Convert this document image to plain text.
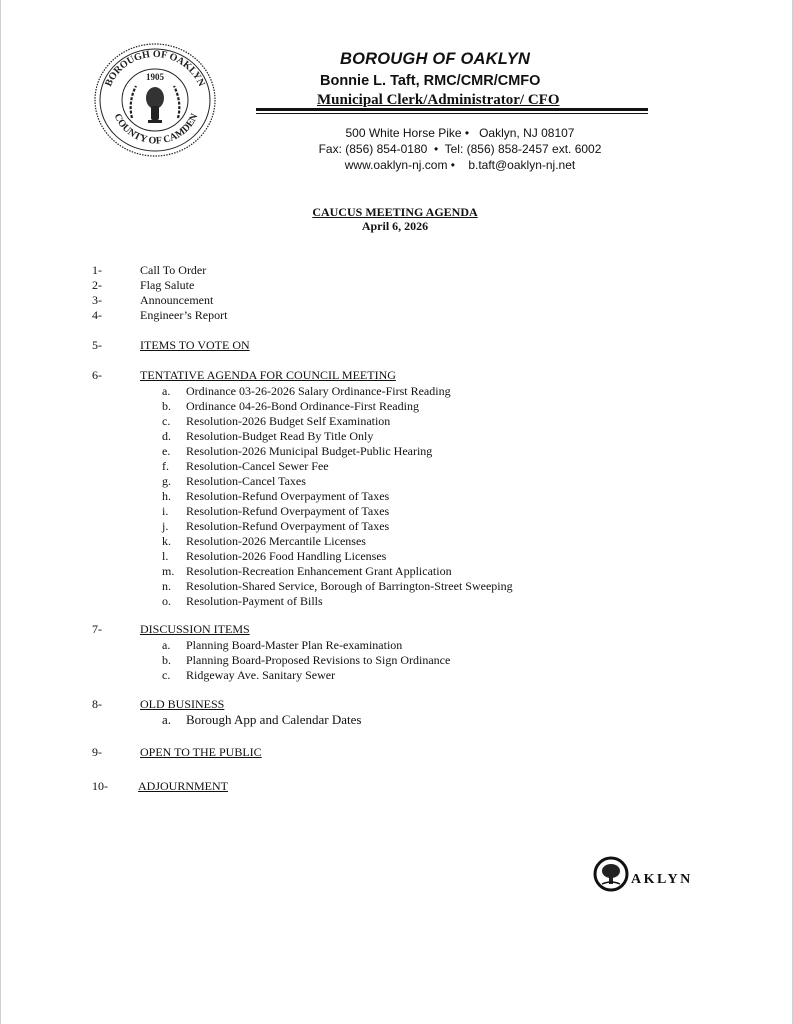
BOROUGH OF OAKLYN
COUNTY OF CAMDEN
1905
BOROUGH OF OAKLYN
Bonnie L. Taft, RMC/CMR/CMFO
Municipal Clerk/Administrator/ CFO
500 White Horse Pike •   Oaklyn, NJ 08107
Fax: (856) 854-0180  •  Tel: (856) 858-2457 ext. 6002
www.oaklyn-nj.com •    b.taft@oaklyn-nj.net
CAUCUS MEETING AGENDA
April 6, 2026
1-	Call To Order
2-	Flag Salute
3-	Announcement
4-	Engineer’s Report
5-	ITEMS TO VOTE ON
6-	TENTATIVE AGENDA FOR COUNCIL MEETING
a. Ordinance 03-26-2026 Salary Ordinance-First Reading
b. Ordinance 04-26-Bond Ordinance-First Reading
c. Resolution-2026 Budget Self Examination
d. Resolution-Budget Read By Title Only
e. Resolution-2026 Municipal Budget-Public Hearing
f. Resolution-Cancel Sewer Fee
g. Resolution-Cancel Taxes
h. Resolution-Refund Overpayment of Taxes
i. Resolution-Refund Overpayment of Taxes
j. Resolution-Refund Overpayment of Taxes
k. Resolution-2026 Mercantile Licenses
l. Resolution-2026 Food Handling Licenses
m. Resolution-Recreation Enhancement Grant Application
n. Resolution-Shared Service, Borough of Barrington-Street Sweeping
o. Resolution-Payment of Bills
7-	DISCUSSION ITEMS
a. Planning Board-Master Plan Re-examination
b. Planning Board-Proposed Revisions to Sign Ordinance
c. Ridgeway Ave. Sanitary Sewer
8-	OLD BUSINESS
a. Borough App and Calendar Dates
9-	OPEN TO THE PUBLIC
10-	ADJOURNMENT
AKLYN
